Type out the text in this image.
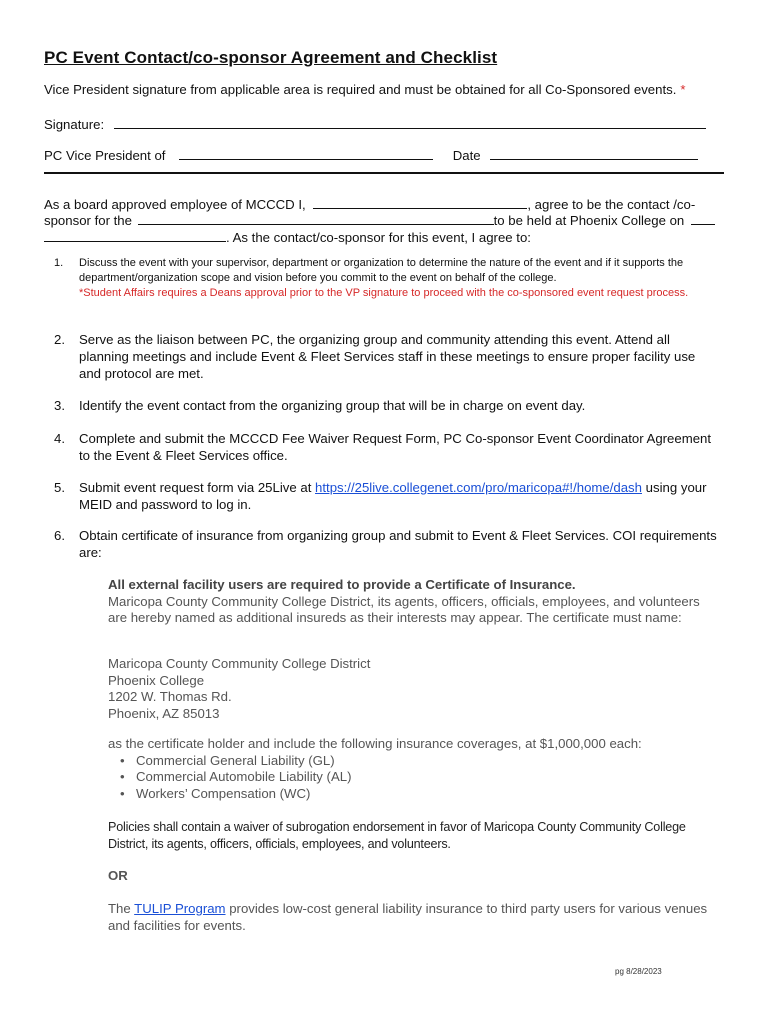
PC Event Contact/co-sponsor Agreement and Checklist
Vice President signature from applicable area is required and must be obtained for all Co-Sponsored events. *
Signature:
PC Vice President of	Date
As a board approved employee of MCCCD I,	, agree to be the contact /co-
sponsor for the	to be held at Phoenix College on
. As the contact/co-sponsor for this event, I agree to:
1. Discuss the event with your supervisor, department or organization to determine the nature of the event and if it supports the department/organization scope and vision before you commit to the event on behalf of the college.
*Student Affairs requires a Deans approval prior to the VP signature to proceed with the co-sponsored event request process.
2. Serve as the liaison between PC, the organizing group and community attending this event. Attend all planning meetings and include Event & Fleet Services staff in these meetings to ensure proper facility use and protocol are met.
3. Identify the event contact from the organizing group that will be in charge on event day.
4. Complete and submit the MCCCD Fee Waiver Request Form, PC Co-sponsor Event Coordinator Agreement to the Event & Fleet Services office.
5. Submit event request form via 25Live at https://25live.collegenet.com/pro/maricopa#!/home/dash using your MEID and password to log in.
6. Obtain certificate of insurance from organizing group and submit to Event & Fleet Services. COI requirements are:
All external facility users are required to provide a Certificate of Insurance.
Maricopa County Community College District, its agents, officers, officials, employees, and volunteers are hereby named as additional insureds as their interests may appear. The certificate must name:
Maricopa County Community College District
Phoenix College
1202 W. Thomas Rd.
Phoenix, AZ 85013
as the certificate holder and include the following insurance coverages, at $1,000,000 each:
• Commercial General Liability (GL)
• Commercial Automobile Liability (AL)
• Workers’ Compensation (WC)
Policies shall contain a waiver of subrogation endorsement in favor of Maricopa County Community College District, its agents, officers, officials, employees, and volunteers.
OR
The TULIP Program provides low-cost general liability insurance to third party users for various venues and facilities for events.
pg 8/28/2023
